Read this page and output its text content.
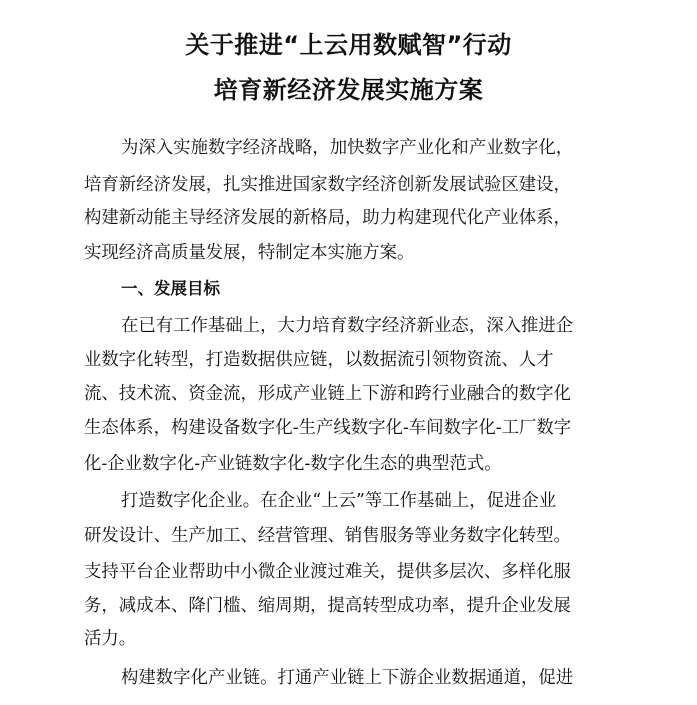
关于推进“上云用数赋智”行动
培育新经济发展实施方案
为深入实施数字经济战略，加快数字产业化和产业数字化，
培育新经济发展，扎实推进国家数字经济创新发展试验区建设，
构建新动能主导经济发展的新格局，助力构建现代化产业体系，
实现经济高质量发展，特制定本实施方案。
一、发展目标
在已有工作基础上，大力培育数字经济新业态，深入推进企
业数字化转型，打造数据供应链，以数据流引领物资流、人才
流、技术流、资金流，形成产业链上下游和跨行业融合的数字化
生态体系，构建设备数字化-生产线数字化-车间数字化-工厂数字
化-企业数字化-产业链数字化-数字化生态的典型范式。
打造数字化企业。在企业“上云”等工作基础上，促进企业
研发设计、生产加工、经营管理、销售服务等业务数字化转型。
支持平台企业帮助中小微企业渡过难关，提供多层次、多样化服
务，减成本、降门槛、缩周期，提高转型成功率，提升企业发展
活力。
构建数字化产业链。打通产业链上下游企业数据通道，促进
